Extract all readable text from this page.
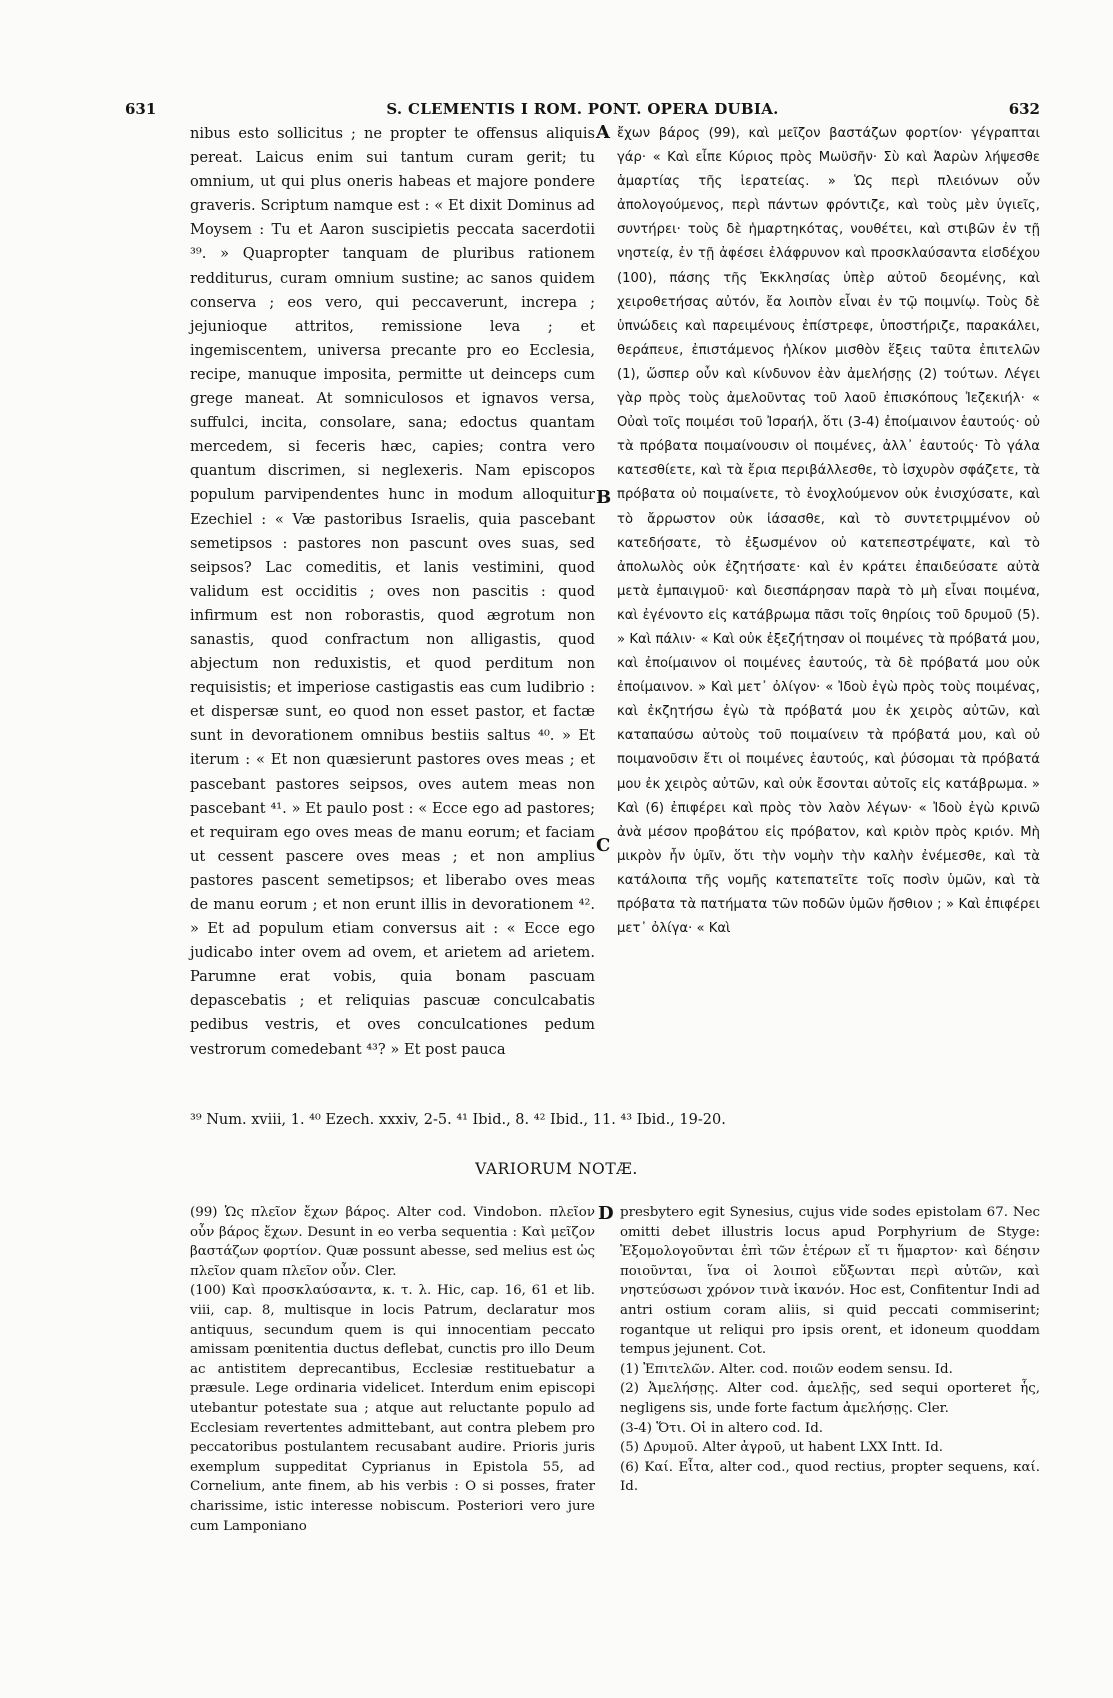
631	S. CLEMENTIS I ROM. PONT. OPERA DUBIA.	632

nibus esto sollicitus ; ne propter te offensus aliquis pereat. Laicus enim sui tantum curam gerit; tu omnium, ut qui plus oneris habeas et majore pondere graveris. Scriptum namque est : « Et dixit Dominus ad Moysem : Tu et Aaron suscipietis peccata sacerdotii ³⁹. » Quapropter tanquam de pluribus rationem redditurus, curam omnium sustine; ac sanos quidem conserva ; eos vero, qui peccaverunt, increpa ; jejunioque attritos, remissione leva ; et ingemiscentem, universa precante pro eo Ecclesia, recipe, manuque imposita, permitte ut deinceps cum grege maneat. At somniculosos et ignavos versa, suffulci, incita, consolare, sana; edoctus quantam mercedem, si feceris hæc, capies; contra vero quantum discrimen, si neglexeris. Nam episcopos populum parvipendentes hunc in modum alloquitur Ezechiel : « Væ pastoribus Israelis, quia pascebant semetipsos : pastores non pascunt oves suas, sed seipsos? Lac comeditis, et lanis vestimini, quod validum est occiditis ; oves non pascitis : quod infirmum est non roborastis, quod ægrotum non sanastis, quod confractum non alligastis, quod abjectum non reduxistis, et quod perditum non requisistis; et imperiose castigastis eas cum ludibrio : et dispersæ sunt, eo quod non esset pastor, et factæ sunt in devorationem omnibus bestiis saltus ⁴⁰. » Et iterum : « Et non quæsierunt pastores oves meas ; et pascebant pastores seipsos, oves autem meas non pascebant ⁴¹. » Et paulo post : « Ecce ego ad pastores; et requiram ego oves meas de manu eorum; et faciam ut cessent pascere oves meas ; et non amplius pastores pascent semetipsos; et liberabo oves meas de manu eorum ; et non erunt illis in devorationem ⁴². » Et ad populum etiam conversus ait : « Ecce ego judicabo inter ovem ad ovem, et arietem ad arietem. Parumne erat vobis, quia bonam pascuam depascebatis ; et reliquias pascuæ conculcabatis pedibus vestris, et oves conculcationes pedum vestrorum comedebant ⁴³? » Et post pauca

A
B
C

ἔχων βάρος (99), καὶ μεῖζον βαστάζων φορτίον· γέγραπται γάρ· « Καὶ εἶπε Κύριος πρὸς Μωϋσῆν· Σὺ καὶ Ἀαρὼν λήψεσθε ἁμαρτίας τῆς ἱερατείας. » Ὡς περὶ πλειόνων οὖν ἀπολογούμενος, περὶ πάντων φρόντιζε, καὶ τοὺς μὲν ὑγιεῖς, συντήρει· τοὺς δὲ ἡμαρτηκότας, νουθέτει, καὶ στιβῶν ἐν τῇ νηστείᾳ, ἐν τῇ ἀφέσει ἐλάφρυνον καὶ προσκλαύσαντα εἰσδέχου (100), πάσης τῆς Ἐκκλησίας ὑπὲρ αὐτοῦ δεομένης, καὶ χειροθετήσας αὐτόν, ἔα λοιπὸν εἶναι ἐν τῷ ποιμνίῳ. Τοὺς δὲ ὑπνώδεις καὶ παρειμένους ἐπίστρεφε, ὑποστήριζε, παρακάλει, θεράπευε, ἐπιστάμενος ἡλίκον μισθὸν ἕξεις ταῦτα ἐπιτελῶν (1), ὥσπερ οὖν καὶ κίνδυνον ἐὰν ἀμελήσῃς (2) τούτων. Λέγει γὰρ πρὸς τοὺς ἀμελοῦντας τοῦ λαοῦ ἐπισκόπους Ἰεζεκιήλ· « Οὐαὶ τοῖς ποιμέσι τοῦ Ἰσραήλ, ὅτι (3-4) ἐποίμαινον ἑαυτούς· οὐ τὰ πρόβατα ποιμαίνουσιν οἱ ποιμένες, ἀλλ᾽ ἑαυτούς· Τὸ γάλα κατεσθίετε, καὶ τὰ ἔρια περιβάλλεσθε, τὸ ἰσχυρὸν σφάζετε, τὰ πρόβατα οὐ ποιμαίνετε, τὸ ἐνοχλούμενον οὐκ ἐνισχύσατε, καὶ τὸ ἄρρωστον οὐκ ἰάσασθε, καὶ τὸ συντετριμμένον οὐ κατεδήσατε, τὸ ἐξωσμένον οὐ κατεπεστρέψατε, καὶ τὸ ἀπολωλὸς οὐκ ἐζητήσατε· καὶ ἐν κράτει ἐπαιδεύσατε αὐτὰ μετὰ ἐμπαιγμοῦ· καὶ διεσπάρησαν παρὰ τὸ μὴ εἶναι ποιμένα, καὶ ἐγένοντο εἰς κατάβρωμα πᾶσι τοῖς θηρίοις τοῦ δρυμοῦ (5). » Καὶ πάλιν· « Καὶ οὐκ ἐξεζήτησαν οἱ ποιμένες τὰ πρόβατά μου, καὶ ἐποίμαινον οἱ ποιμένες ἑαυτούς, τὰ δὲ πρόβατά μου οὐκ ἐποίμαινον. » Καὶ μετ᾽ ὀλίγον· « Ἰδοὺ ἐγὼ πρὸς τοὺς ποιμένας, καὶ ἐκζητήσω ἐγὼ τὰ πρόβατά μου ἐκ χειρὸς αὐτῶν, καὶ καταπαύσω αὐτοὺς τοῦ ποιμαίνειν τὰ πρόβατά μου, καὶ οὐ ποιμανοῦσιν ἔτι οἱ ποιμένες ἑαυτούς, καὶ ῥύσομαι τὰ πρόβατά μου ἐκ χειρὸς αὐτῶν, καὶ οὐκ ἔσονται αὐτοῖς εἰς κατάβρωμα. » Καὶ (6) ἐπιφέρει καὶ πρὸς τὸν λαὸν λέγων· « Ἰδοὺ ἐγὼ κρινῶ ἀνὰ μέσον προβάτου εἰς πρόβατον, καὶ κριὸν πρὸς κριόν. Μὴ μικρὸν ἦν ὑμῖν, ὅτι τὴν νομὴν τὴν καλὴν ἐνέμεσθε, καὶ τὰ κατάλοιπα τῆς νομῆς κατεπατεῖτε τοῖς ποσὶν ὑμῶν, καὶ τὰ πρόβατα τὰ πατήματα τῶν ποδῶν ὑμῶν ἤσθιον ; » Καὶ ἐπιφέρει μετ᾽ ὀλίγα· « Καὶ

³⁹ Num. xviii, 1. ⁴⁰ Ezech. xxxiv, 2-5. ⁴¹ Ibid., 8. ⁴² Ibid., 11. ⁴³ Ibid., 19-20.
VARIORUM NOTÆ.

(99) Ὡς πλεῖον ἔχων βάρος. Alter cod. Vindobon. πλεῖον οὖν βάρος ἔχων. Desunt in eo verba sequentia : Καὶ μεῖζον βαστάζων φορτίον. Quæ possunt abesse, sed melius est ὡς πλεῖον quam πλεῖον οὖν. Cler.

(100) Καὶ προσκλαύσαντα, κ. τ. λ. Hic, cap. 16, 61 et lib. viii, cap. 8, multisque in locis Patrum, declaratur mos antiquus, secundum quem is qui innocentiam peccato amissam pœnitentia ductus deflebat, cunctis pro illo Deum ac antistitem deprecantibus, Ecclesiæ restituebatur a præsule. Lege ordinaria videlicet. Interdum enim episcopi utebantur potestate sua ; atque aut reluctante populo ad Ecclesiam revertentes admittebant, aut contra plebem pro peccatoribus postulantem recusabant audire. Prioris juris exemplum suppeditat Cyprianus in Epistola 55, ad Cornelium, ante finem, ab his verbis : O si posses, frater charissime, istic interesse nobiscum. Posteriori vero jure cum Lamponiano

D presbytero egit Synesius, cujus vide sodes epistolam 67. Nec omitti debet illustris locus apud Porphyrium de Styge: Ἐξομολογοῦνται ἐπὶ τῶν ἑτέρων εἴ τι ἥμαρτον· καὶ δέησιν ποιοῦνται, ἵνα οἱ λοιποὶ εὔξωνται περὶ αὐτῶν, καὶ νηστεύσωσι χρόνον τινὰ ἱκανόν. Hoc est, Confitentur Indi ad antri ostium coram aliis, si quid peccati commiserint; rogantque ut reliqui pro ipsis orent, et idoneum quoddam tempus jejunent. Cot.

(1) Ἐπιτελῶν. Alter. cod. ποιῶν eodem sensu. Id.

(2) Ἀμελήσῃς. Alter cod. ἀμελῇς, sed sequi oporteret ἧς, negligens sis, unde forte factum ἀμελήσῃς. Cler.

(3-4) Ὅτι. Οἱ in altero cod. Id.

(5) Δρυμοῦ. Alter ἀγροῦ, ut habent LXX Intt. Id.

(6) Καί. Εἶτα, alter cod., quod rectius, propter sequens, καί. Id.
